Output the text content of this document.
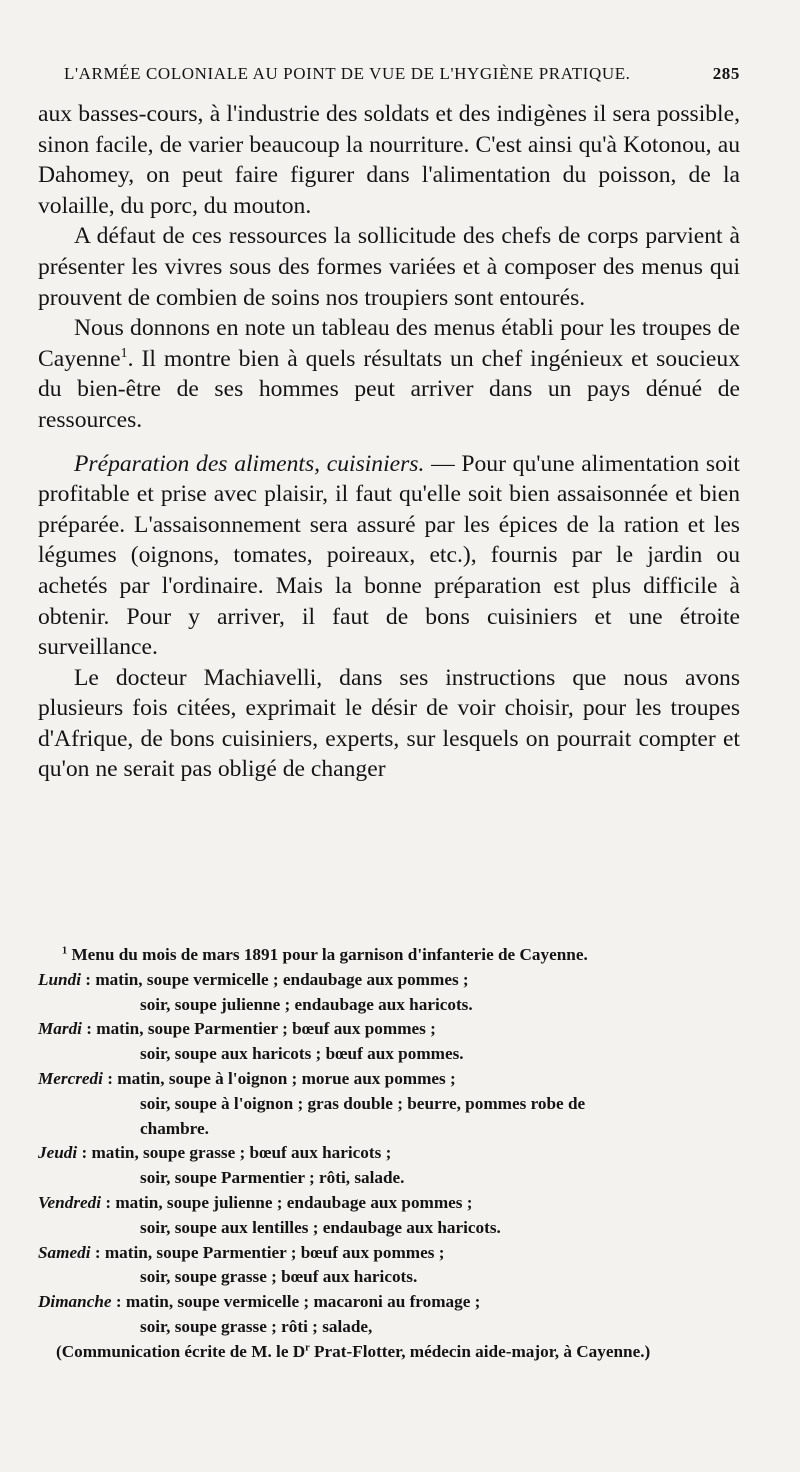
L'ARMÉE COLONIALE AU POINT DE VUE DE L'HYGIÈNE PRATIQUE.	285

aux basses-cours, à l'industrie des soldats et des indigènes il sera possible, sinon facile, de varier beaucoup la nourriture. C'est ainsi qu'à Kotonou, au Dahomey, on peut faire figurer dans l'alimentation du poisson, de la volaille, du porc, du mouton.

A défaut de ces ressources la sollicitude des chefs de corps parvient à présenter les vivres sous des formes variées et à composer des menus qui prouvent de combien de soins nos troupiers sont entourés.

Nous donnons en note un tableau des menus établi pour les troupes de Cayenne$^1$. Il montre bien à quels résultats un chef ingénieux et soucieux du bien-être de ses hommes peut arriver dans un pays dénué de ressources.

Préparation des aliments, cuisiniers. — Pour qu'une alimentation soit profitable et prise avec plaisir, il faut qu'elle soit bien assaisonnée et bien préparée. L'assaisonnement sera assuré par les épices de la ration et les légumes (oignons, tomates, poireaux, etc.), fournis par le jardin ou achetés par l'ordinaire. Mais la bonne préparation est plus difficile à obtenir. Pour y arriver, il faut de bons cuisiniers et une étroite surveillance.

Le docteur Machiavelli, dans ses instructions que nous avons plusieurs fois citées, exprimait le désir de voir choisir, pour les troupes d'Afrique, de bons cuisiniers, experts, sur lesquels on pourrait compter et qu'on ne serait pas obligé de changer

$^1$ Menu du mois de mars 1891 pour la garnison d'infanterie de Cayenne.

Lundi : matin, soupe vermicelle ; endaubage aux pommes ;
soir, soupe julienne ; endaubage aux haricots.

Mardi : matin, soupe Parmentier ; bœuf aux pommes ;
soir, soupe aux haricots ; bœuf aux pommes.

Mercredi : matin, soupe à l'oignon ; morue aux pommes ;
soir, soupe à l'oignon ; gras double ; beurre, pommes robe de
chambre.

Jeudi : matin, soupe grasse ; bœuf aux haricots ;
soir, soupe Parmentier ; rôti, salade.

Vendredi : matin, soupe julienne ; endaubage aux pommes ;
soir, soupe aux lentilles ; endaubage aux haricots.

Samedi : matin, soupe Parmentier ; bœuf aux pommes ;
soir, soupe grasse ; bœuf aux haricots.

Dimanche : matin, soupe vermicelle ; macaroni au fromage ;
soir, soupe grasse ; rôti ; salade,

(Communication écrite de M. le $D^r$ Prat-Flotter, médecin aide-major, à Cayenne.)
